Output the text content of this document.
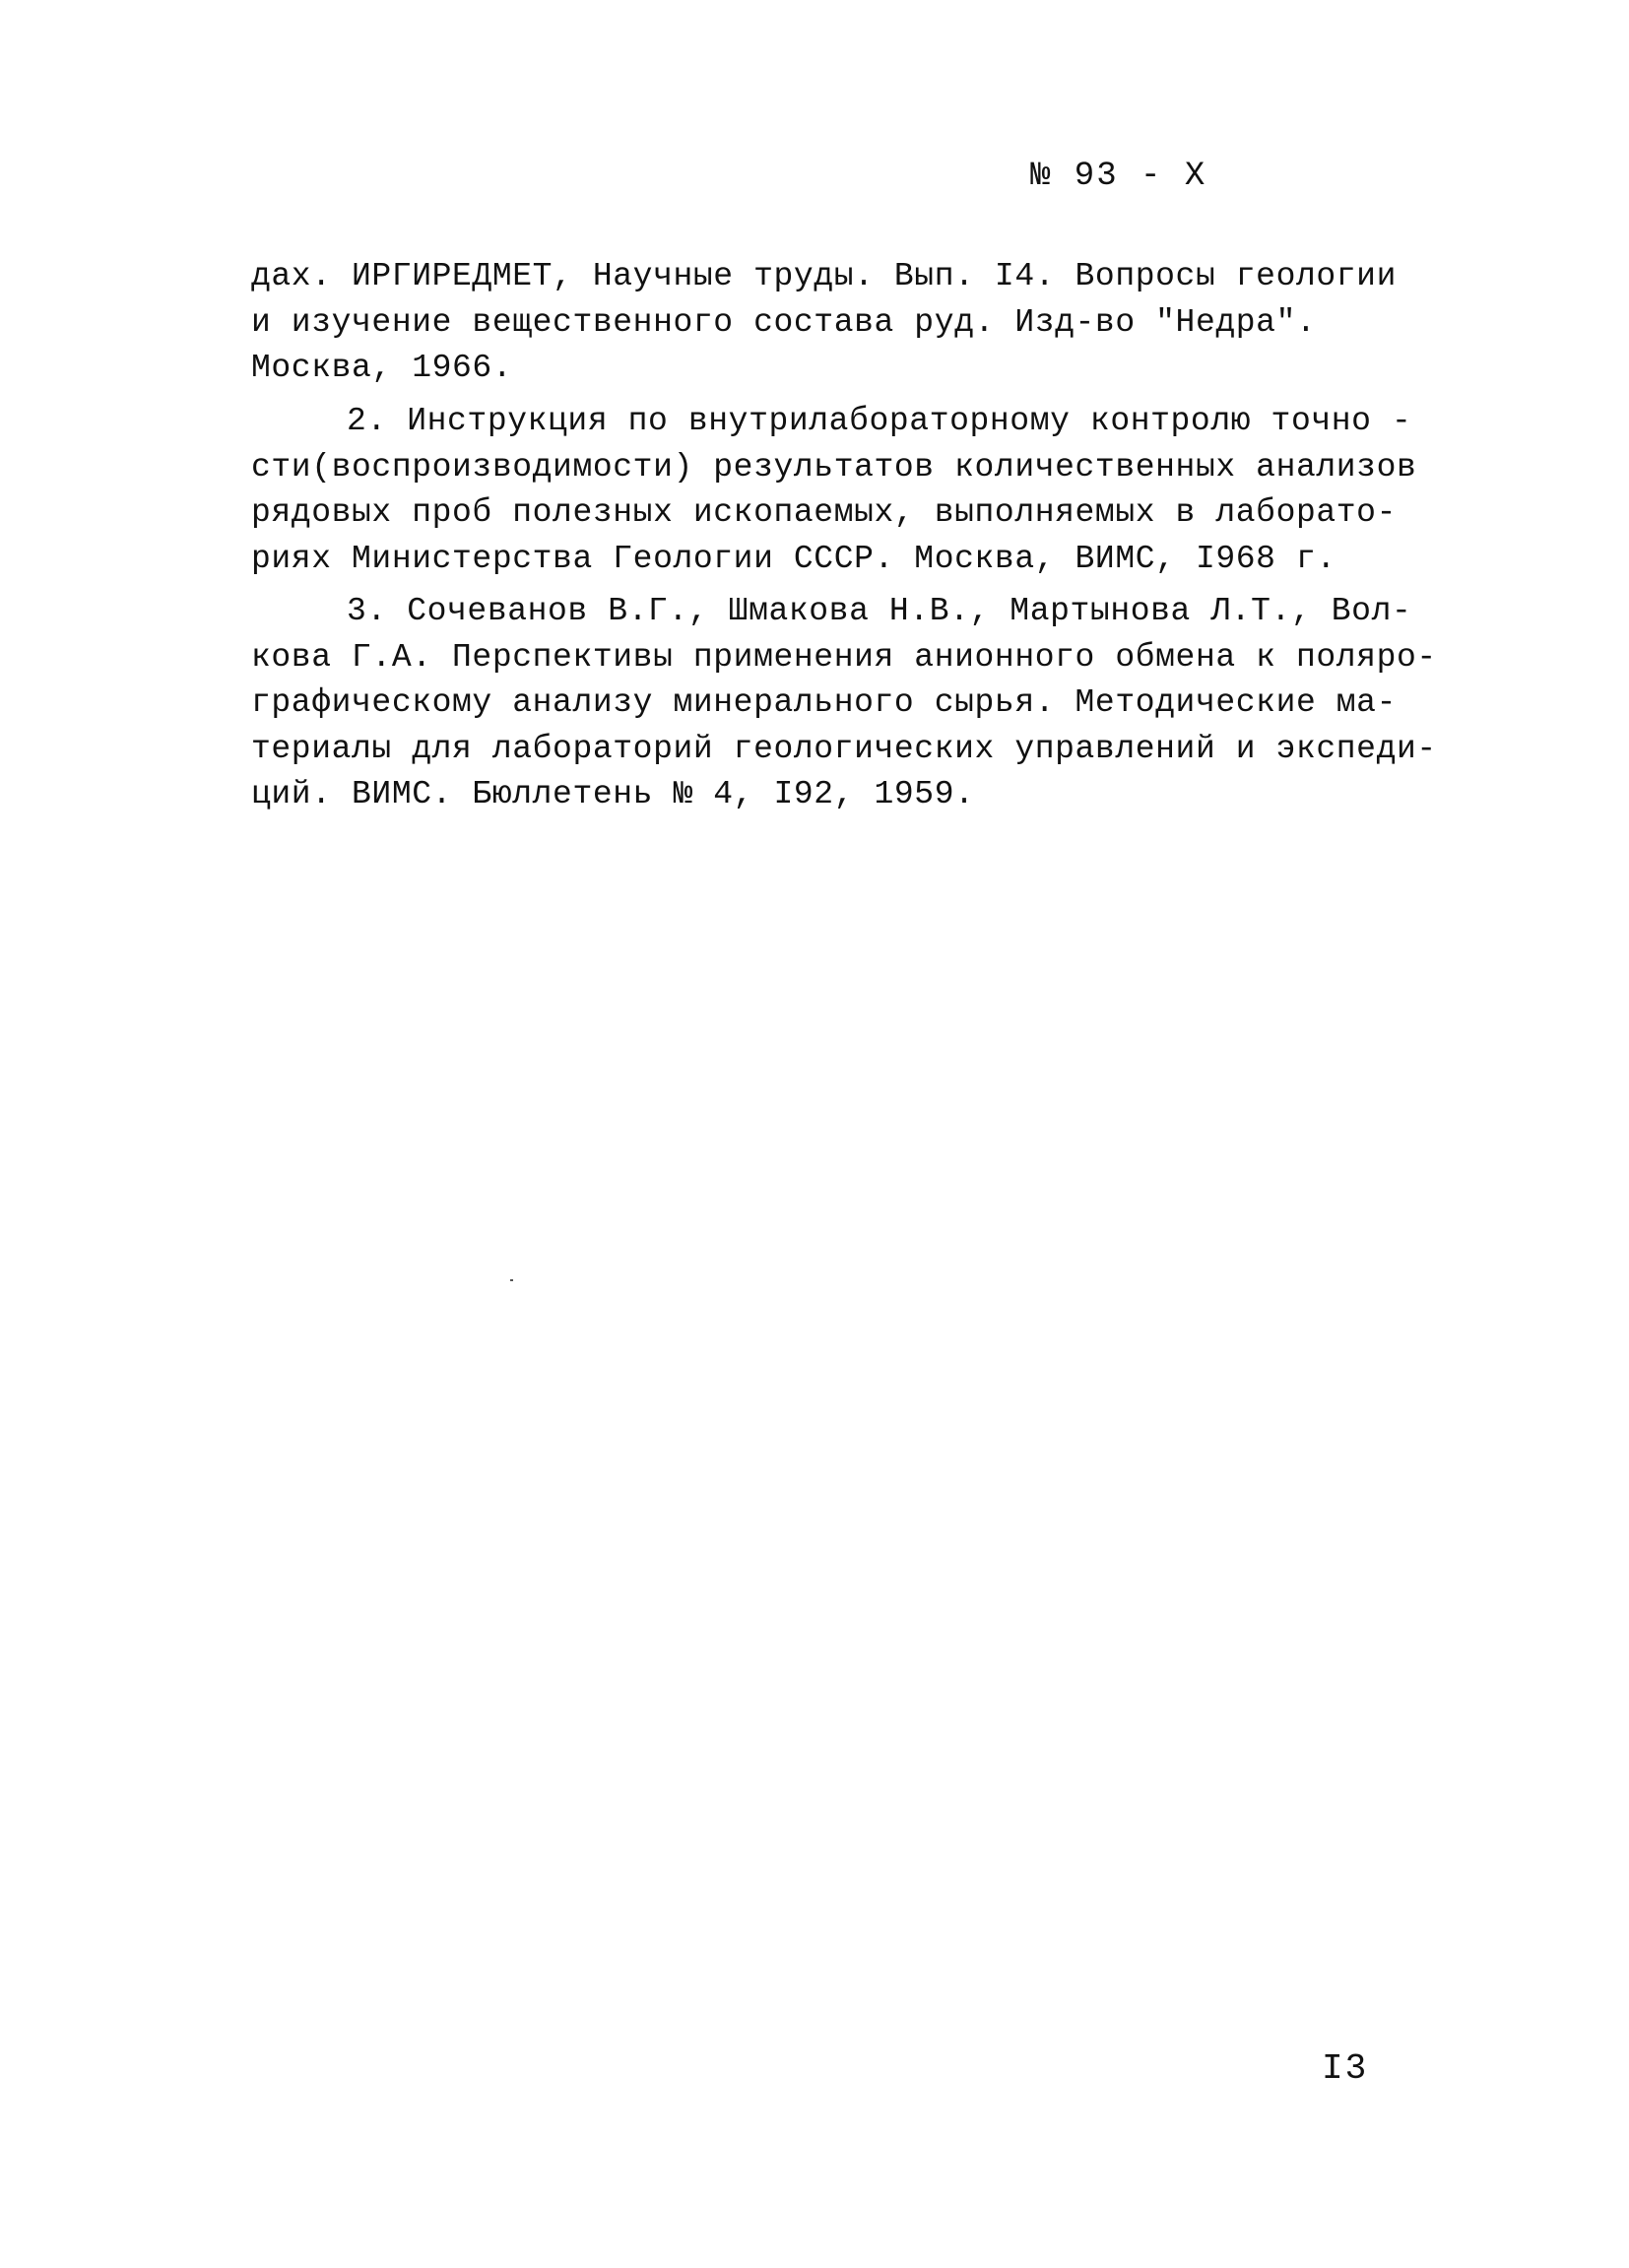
№ 93 - Х
дах. ИРГИРЕДМЕТ, Научные труды. Вып. I4. Вопросы геологии
и изучение вещественного состава руд. Изд-во "Недра".
Москва, 1966.
2. Инструкция по внутрилабораторному контролю точно -
сти(воспроизводимости) результатов количественных анализов
рядовых проб полезных ископаемых, выполняемых в лаборато-
риях Министерства Геологии СССР. Москва, ВИМС, I968 г.
3. Сочеванов В.Г., Шмакова Н.В., Мартынова Л.Т., Вол-
кова Г.А. Перспективы применения анионного обмена к поляро-
графическому анализу минерального сырья. Методические ма-
териалы для лабораторий геологических управлений и экспеди-
ций. ВИМС. Бюллетень № 4, I92, 1959.
I3
